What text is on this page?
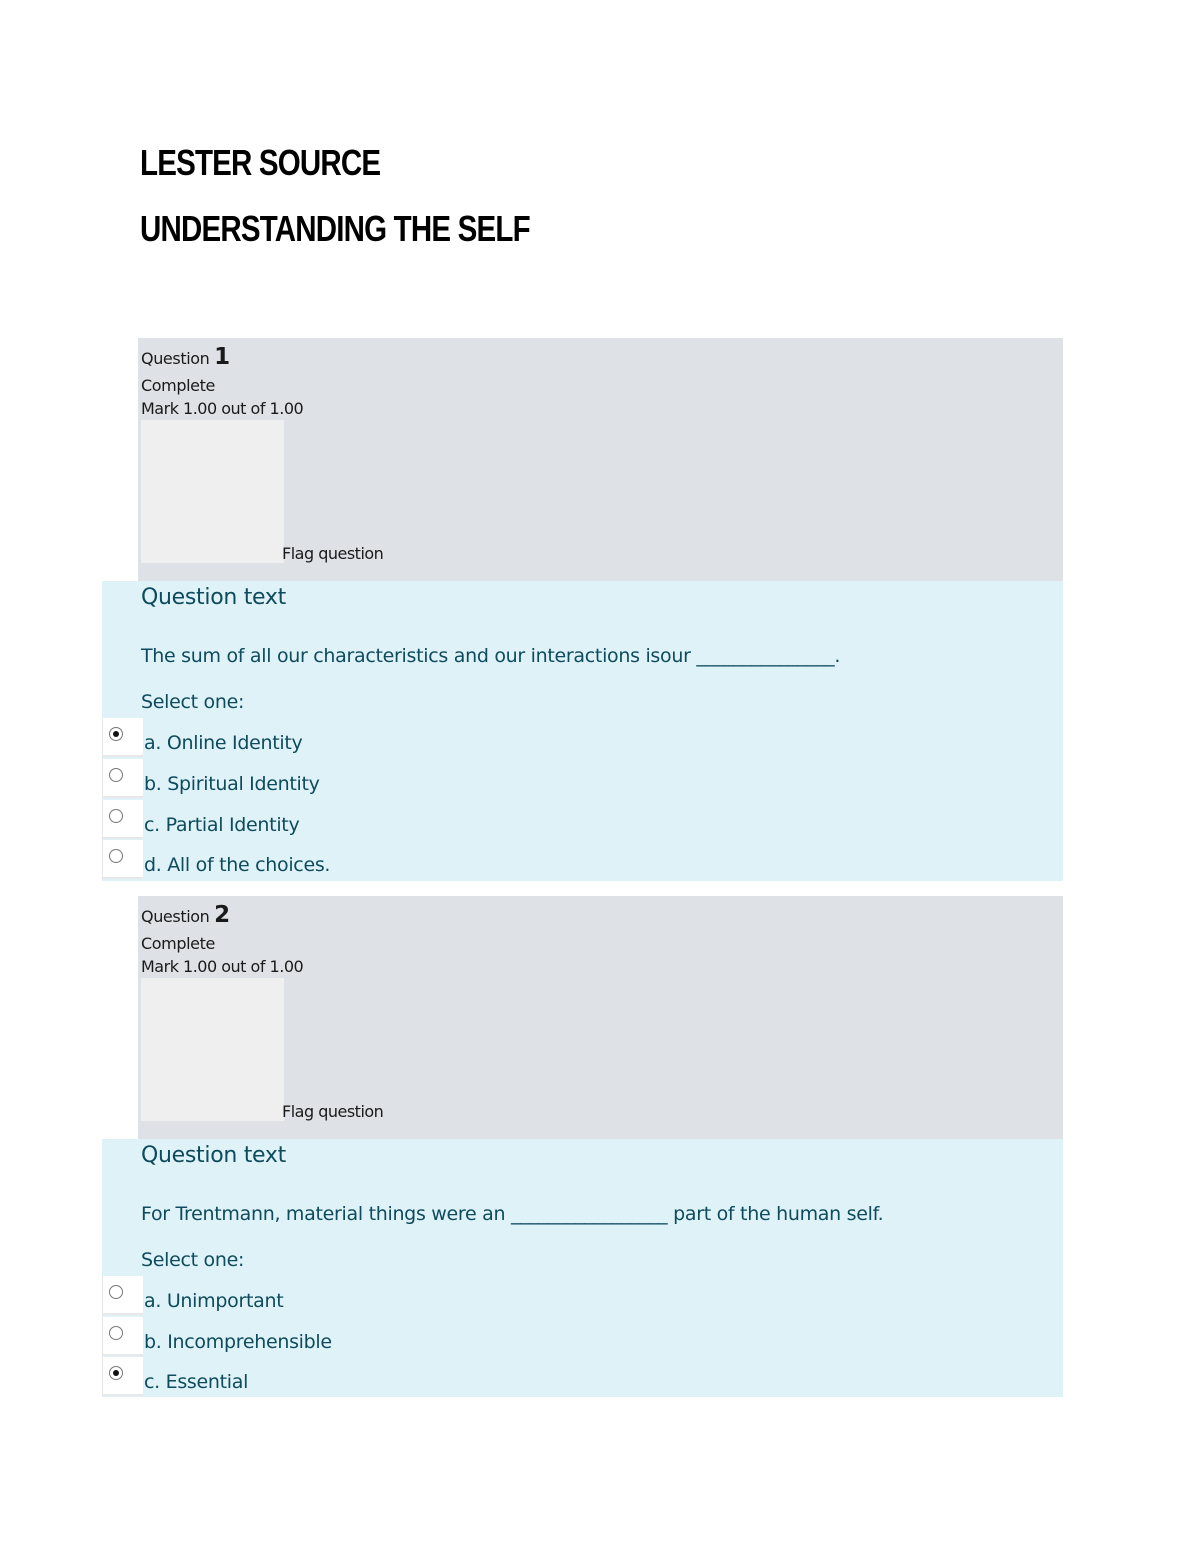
LESTER SOURCE
UNDERSTANDING THE SELF
Question 1
Complete
Mark 1.00 out of 1.00
Flag question
Question text
The sum of all our characteristics and our interactions isour _______________.
Select one:
a. Online Identity
b. Spiritual Identity
c. Partial Identity
d. All of the choices.
Question 2
Complete
Mark 1.00 out of 1.00
Flag question
Question text
For Trentmann, material things were an _________________ part of the human self.
Select one:
a. Unimportant
b. Incomprehensible
c. Essential
